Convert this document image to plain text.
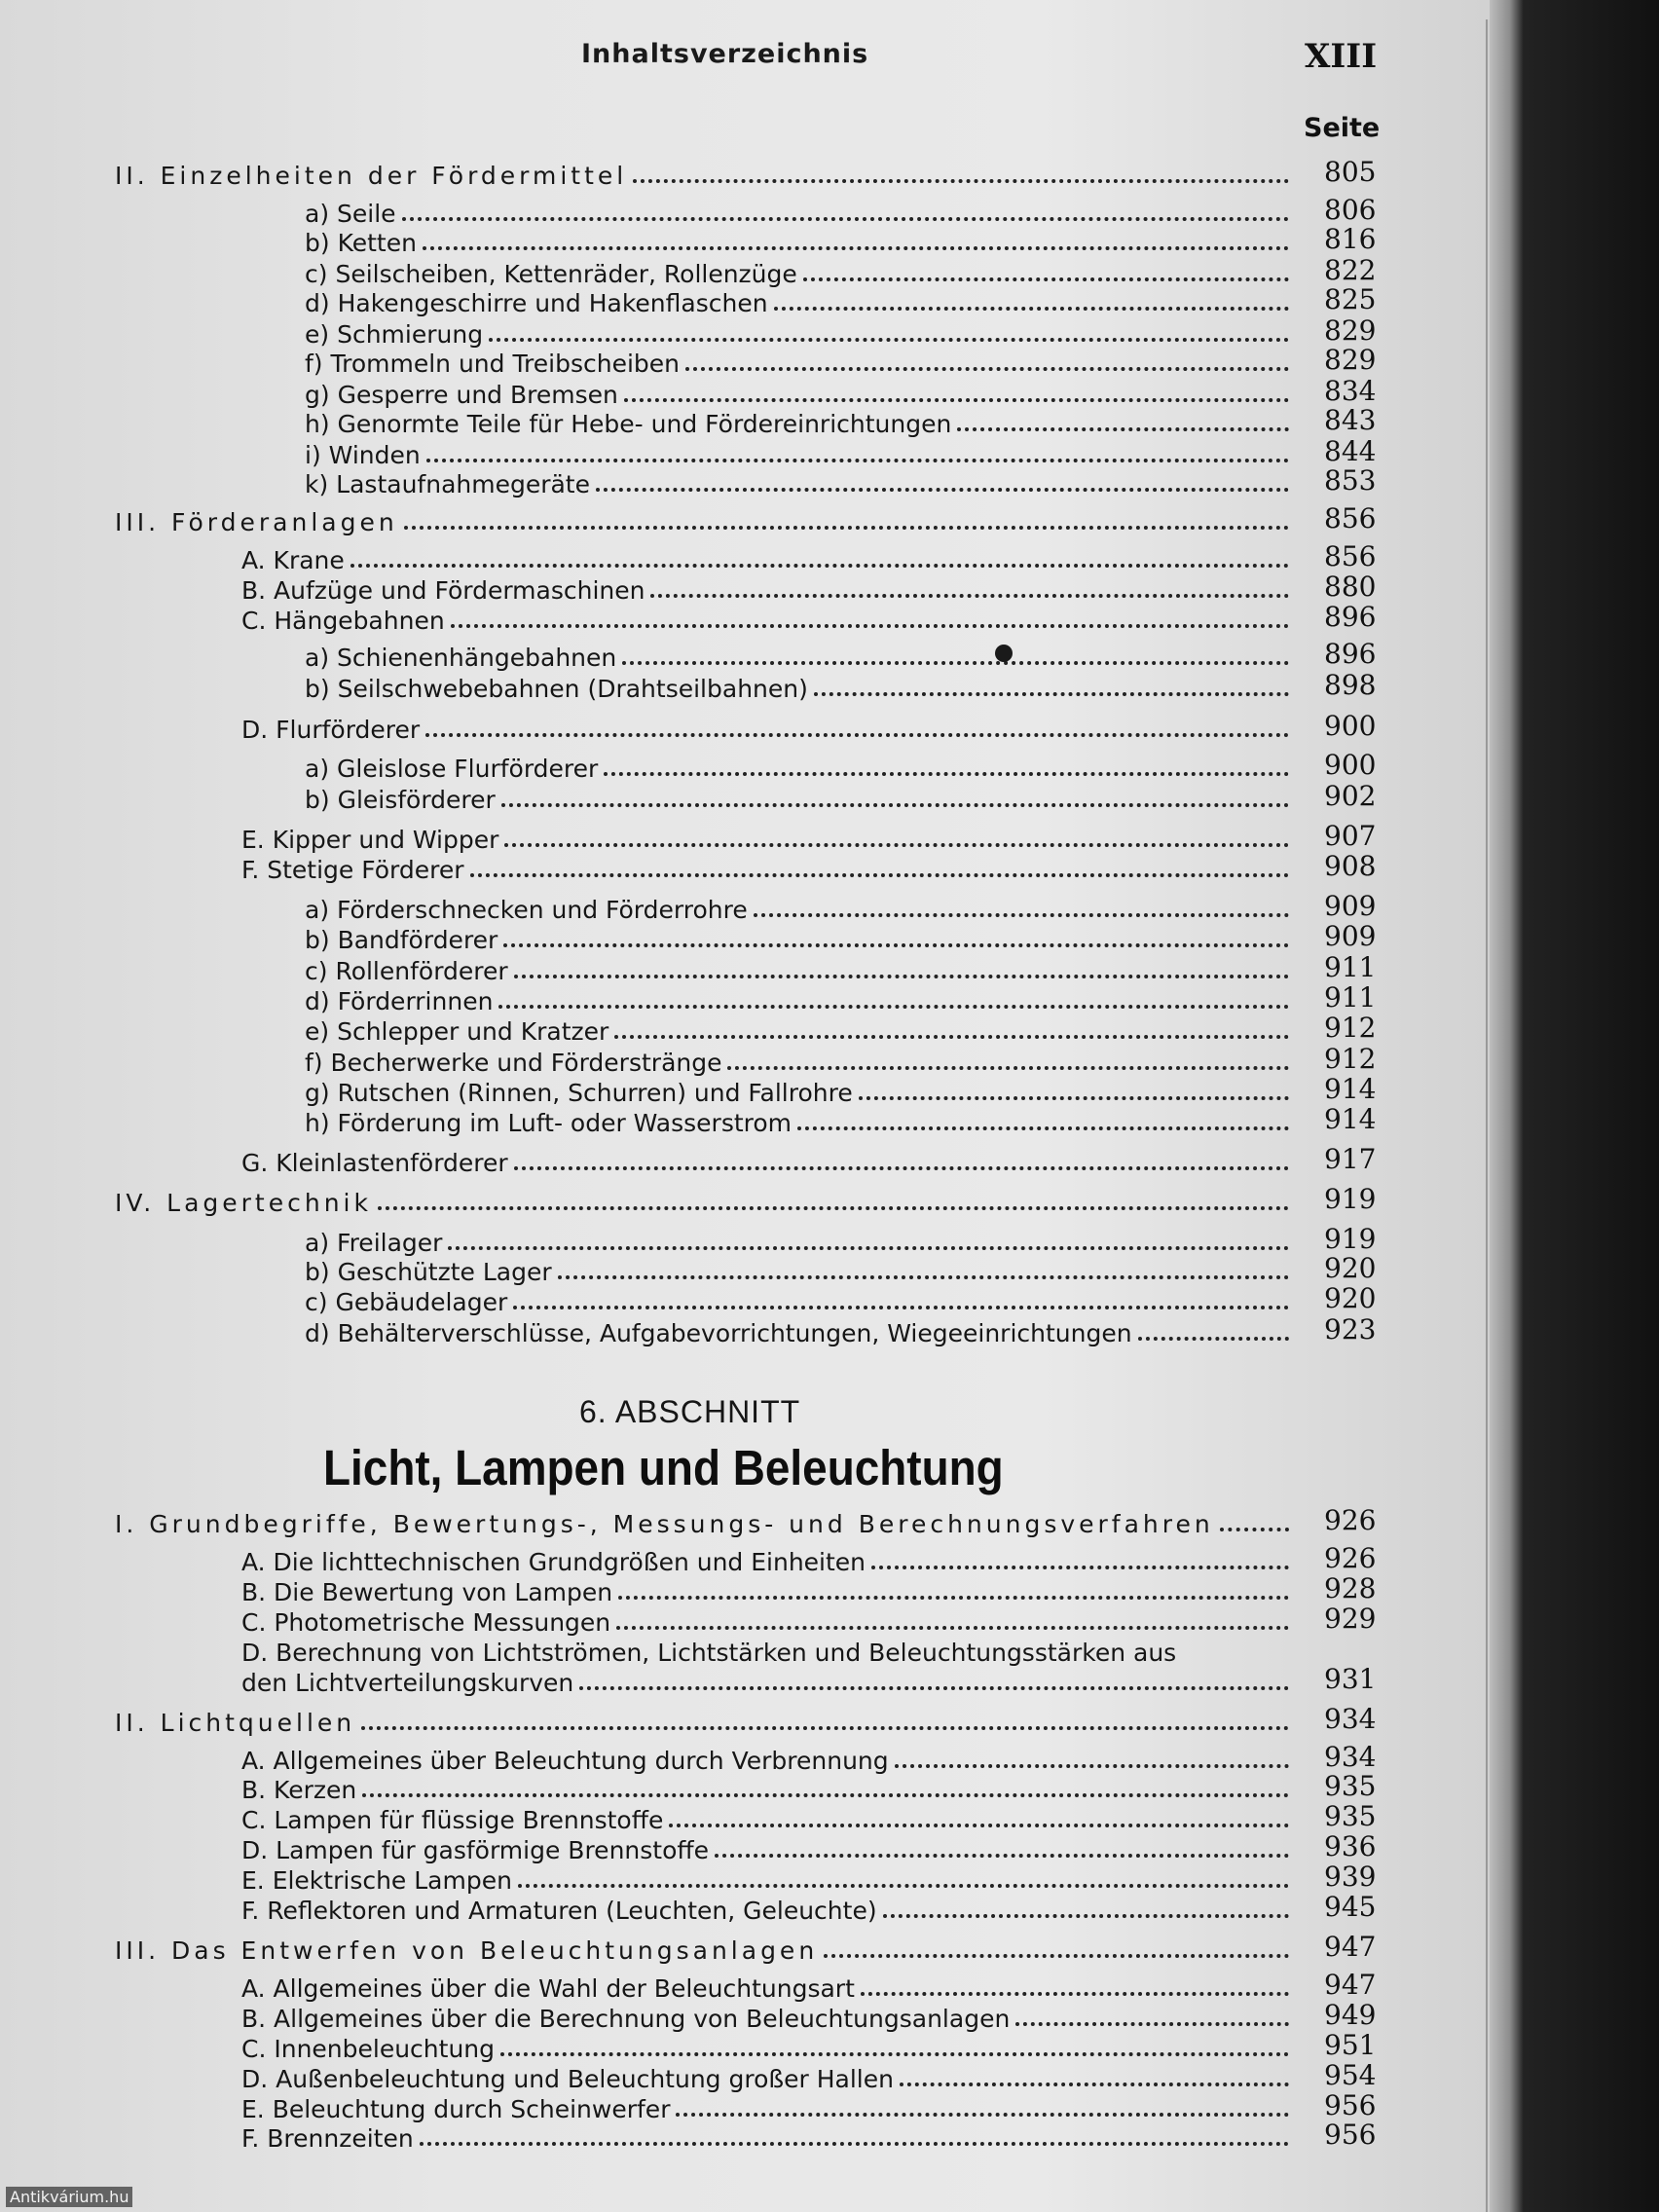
Inhaltsverzeichnis	XIII
Seite
II. Einzelheiten der Fördermittel	805
a) Seile	806
b) Ketten	816
c) Seilscheiben, Kettenräder, Rollenzüge	822
d) Hakengeschirre und Hakenflaschen	825
e) Schmierung	829
f) Trommeln und Treibscheiben	829
g) Gesperre und Bremsen	834
h) Genormte Teile für Hebe- und Fördereinrichtungen	843
i) Winden	844
k) Lastaufnahmegeräte	853
III. Förderanlagen	856
A. Krane	856
B. Aufzüge und Fördermaschinen	880
C. Hängebahnen	896
a) Schienenhängebahnen	896
b) Seilschwebebahnen (Drahtseilbahnen)	898
D. Flurförderer	900
a) Gleislose Flurförderer	900
b) Gleisförderer	902
E. Kipper und Wipper	907
F. Stetige Förderer	908
a) Förderschnecken und Förderrohre	909
b) Bandförderer	909
c) Rollenförderer	911
d) Förderrinnen	911
e) Schlepper und Kratzer	912
f) Becherwerke und Förderstränge	912
g) Rutschen (Rinnen, Schurren) und Fallrohre	914
h) Förderung im Luft- oder Wasserstrom	914
G. Kleinlastenförderer	917
IV. Lagertechnik	919
a) Freilager	919
b) Geschützte Lager	920
c) Gebäudelager	920
d) Behälterverschlüsse, Aufgabevorrichtungen, Wiegeeinrichtungen	923
6. ABSCHNITT
Licht, Lampen und Beleuchtung
I. Grundbegriffe, Bewertungs-, Messungs- und Berechnungsverfahren	926
A. Die lichttechnischen Grundgrößen und Einheiten	926
B. Die Bewertung von Lampen	928
C. Photometrische Messungen	929
D. Berechnung von Lichtströmen, Lichtstärken und Beleuchtungsstärken aus
den Lichtverteilungskurven	931
II. Lichtquellen	934
A. Allgemeines über Beleuchtung durch Verbrennung	934
B. Kerzen	935
C. Lampen für flüssige Brennstoffe	935
D. Lampen für gasförmige Brennstoffe	936
E. Elektrische Lampen	939
F. Reflektoren und Armaturen (Leuchten, Geleuchte)	945
III. Das Entwerfen von Beleuchtungsanlagen	947
A. Allgemeines über die Wahl der Beleuchtungsart	947
B. Allgemeines über die Berechnung von Beleuchtungsanlagen	949
C. Innenbeleuchtung	951
D. Außenbeleuchtung und Beleuchtung großer Hallen	954
E. Beleuchtung durch Scheinwerfer	956
F. Brennzeiten	956
Antikvárium.hu
